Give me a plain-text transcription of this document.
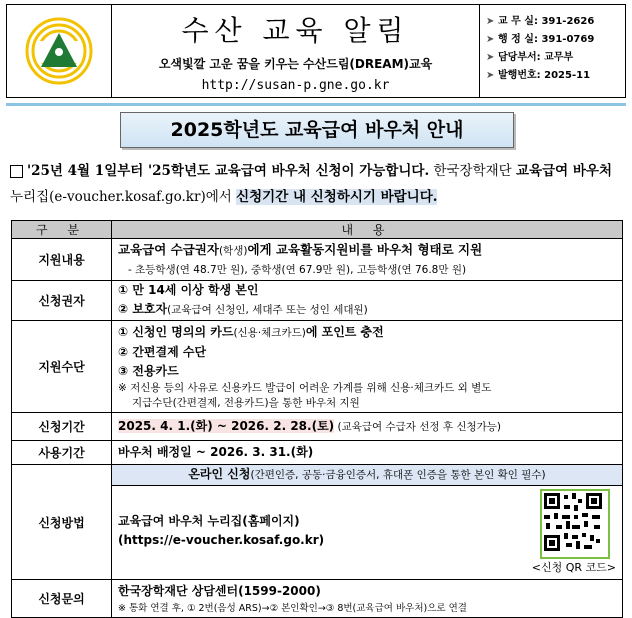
수산 교육 알림
오색빛깔 고운 꿈을 키우는 수산드림(DREAM)교육
http://susan-p.gne.go.kr
➤ 교 무 실: 391-2626
➤ 행 정 실: 391-0769
➤ 담당부서: 교무부
➤ 발행번호: 2025-11
2025학년도 교육급여 바우처 안내
'25년 4월 1일부터 '25학년도 교육급여 바우처 신청이 가능합니다. 한국장학재단 교육급여 바우처 누리집(e-voucher.kosaf.go.kr)에서 신청기간 내 신청하시기 바랍니다.
구 분	내 용
지원내용	교육급여 수급권자(학생)에게 교육활동지원비를 바우처 형태로 지원
- 초등학생(연 48.7만 원), 중학생(연 67.9만 원), 고등학생(연 76.8만 원)

신청권자	① 만 14세 이상 학생 본인
② 보호자(교육급여 신청인, 세대주 또는 성인 세대원)

지원수단	① 신청인 명의의 카드(신용·체크카드)에 포인트 충전
② 간편결제 수단
③ 전용카드
※ 저신용 등의 사유로 신용카드 발급이 어려운 가계를 위해 신용·체크카드 외 별도
지급수단(간편결제, 전용카드)을 통한 바우처 지원

신청기간	2025. 4. 1.(화) ~ 2026. 2. 28.(토) (교육급여 수급자 선정 후 신청가능)

사용기간	바우처 배정일 ~ 2026. 3. 31.(화)

신청방법	온라인 신청(간편인증, 공동·금융인증서, 휴대폰 인증을 통한 본인 확인 필수)
교육급여 바우처 누리집(홈페이지)
(https://e-voucher.kosaf.go.kr)
<신청 QR 코드>

신청문의	한국장학재단 상담센터(1599-2000)
※ 통화 연결 후, ① 2번(음성 ARS)→② 본인확인→③ 8번(교육급여 바우처)으로 연결
